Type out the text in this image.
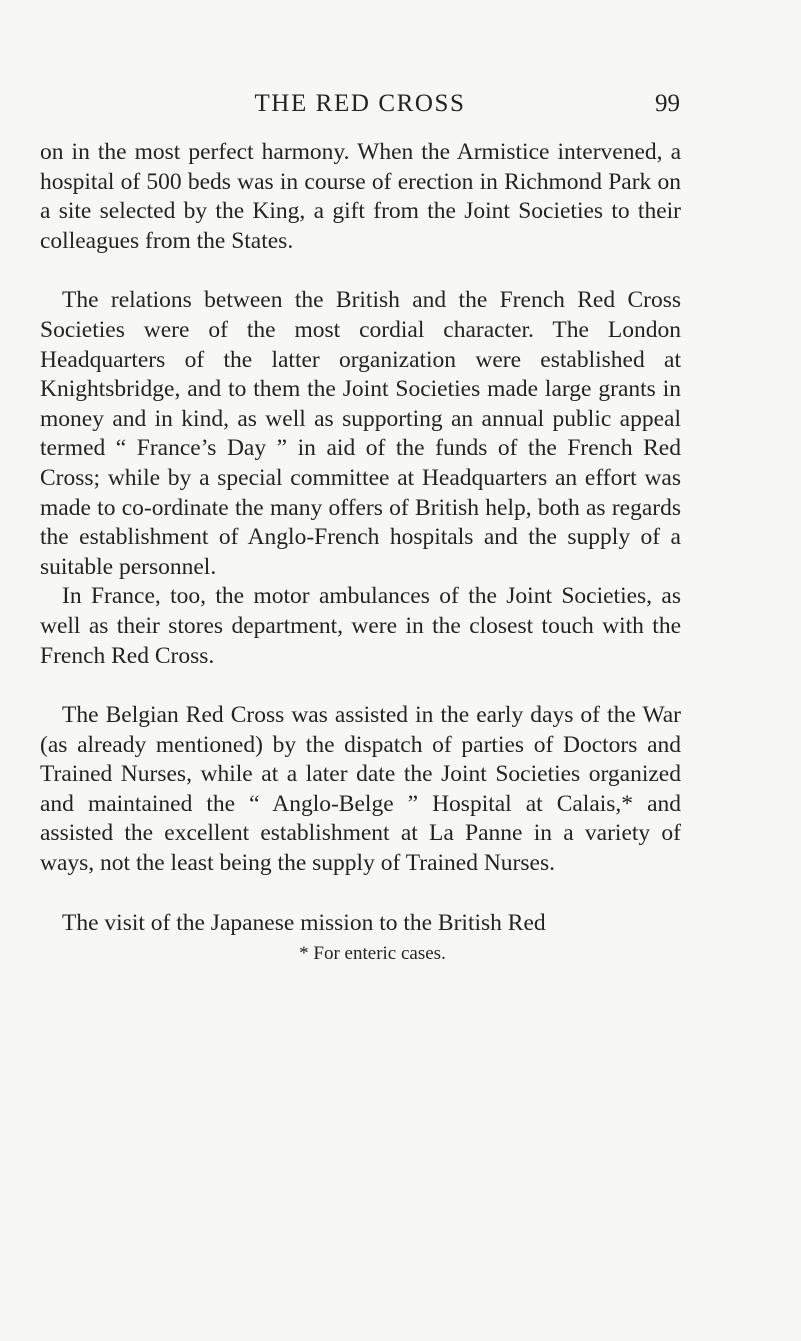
THE RED CROSS	99

on in the most perfect harmony. When the Armistice intervened, a hospital of 500 beds was in course of erection in Richmond Park on a site selected by the King, a gift from the Joint Societies to their colleagues from the States.

The relations between the British and the French Red Cross Societies were of the most cordial character. The London Headquarters of the latter organization were established at Knightsbridge, and to them the Joint Societies made large grants in money and in kind, as well as supporting an annual public appeal termed “ France’s Day ” in aid of the funds of the French Red Cross; while by a special committee at Headquarters an effort was made to co-ordinate the many offers of British help, both as regards the establishment of Anglo-French hospitals and the supply of a suitable personnel.

In France, too, the motor ambulances of the Joint Societies, as well as their stores department, were in the closest touch with the French Red Cross.

The Belgian Red Cross was assisted in the early days of the War (as already mentioned) by the dispatch of parties of Doctors and Trained Nurses, while at a later date the Joint Societies organized and maintained the “ Anglo-Belge ” Hospital at Calais,* and assisted the excellent establishment at La Panne in a variety of ways, not the least being the supply of Trained Nurses.

The visit of the Japanese mission to the British Red

* For enteric cases.
